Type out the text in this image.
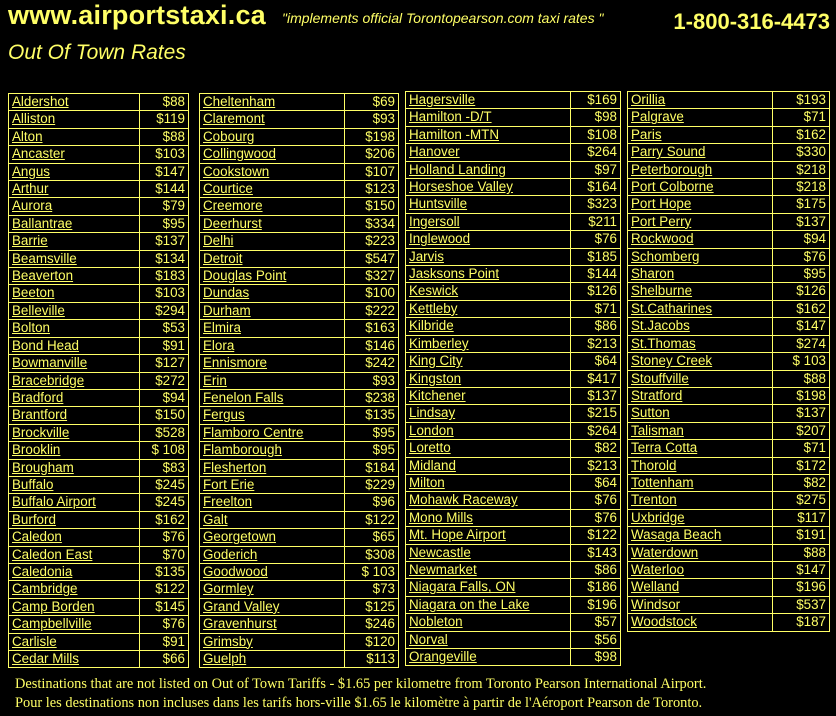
www.airportstaxi.ca "implements official Torontopearson.com taxi rates "	1-800-316-4473
Out Of Town Rates
Aldershot	$88
Alliston	$119
Alton	$88
Ancaster	$103
Angus	$147
Arthur	$144
Aurora	$79
Ballantrae	$95
Barrie	$137
Beamsville	$134
Beaverton	$183
Beeton	$103
Belleville	$294
Bolton	$53
Bond Head	$91
Bowmanville	$127
Bracebridge	$272
Bradford	$94
Brantford	$150
Brockville	$528
Brooklin	$ 108
Brougham	$83
Buffalo	$245
Buffalo Airport	$245
Burford	$162
Caledon	$76
Caledon East	$70
Caledonia	$135
Cambridge	$122
Camp Borden	$145
Campbellville	$76
Carlisle	$91
Cedar Mills	$66
Cheltenham	$69
Claremont	$93
Cobourg	$198
Collingwood	$206
Cookstown	$107
Courtice	$123
Creemore	$150
Deerhurst	$334
Delhi	$223
Detroit	$547
Douglas Point	$327
Dundas	$100
Durham	$222
Elmira	$163
Elora	$146
Ennismore	$242
Erin	$93
Fenelon Falls	$238
Fergus	$135
Flamboro Centre	$95
Flamborough	$95
Flesherton	$184
Fort Erie	$229
Freelton	$96
Galt	$122
Georgetown	$65
Goderich	$308
Goodwood	$ 103
Gormley	$73
Grand Valley	$125
Gravenhurst	$246
Grimsby	$120
Guelph	$113
Hagersville	$169
Hamilton -D/T	$98
Hamilton -MTN	$108
Hanover	$264
Holland Landing	$97
Horseshoe Valley	$164
Huntsville	$323
Ingersoll	$211
Inglewood	$76
Jarvis	$185
Jasksons Point	$144
Keswick	$126
Kettleby	$71
Kilbride	$86
Kimberley	$213
King City	$64
Kingston	$417
Kitchener	$137
Lindsay	$215
London	$264
Loretto	$82
Midland	$213
Milton	$64
Mohawk Raceway	$76
Mono Mills	$76
Mt. Hope Airport	$122
Newcastle	$143
Newmarket	$86
Niagara Falls, ON	$186
Niagara on the Lake	$196
Nobleton	$57
Norval	$56
Orangeville	$98
Orillia	$193
Palgrave	$71
Paris	$162
Parry Sound	$330
Peterborough	$218
Port Colborne	$218
Port Hope	$175
Port Perry	$137
Rockwood	$94
Schomberg	$76
Sharon	$95
Shelburne	$126
St.Catharines	$162
St.Jacobs	$147
St.Thomas	$274
Stoney Creek	$ 103
Stouffville	$88
Stratford	$198
Sutton	$137
Talisman	$207
Terra Cotta	$71
Thorold	$172
Tottenham	$82
Trenton	$275
Uxbridge	$117
Wasaga Beach	$191
Waterdown	$88
Waterloo	$147
Welland	$196
Windsor	$537
Woodstock	$187
Destinations that are not listed on Out of Town Tariffs - $1.65 per kilometre from Toronto Pearson International Airport.
Pour les destinations non incluses dans les tarifs hors-ville $1.65 le kilomètre à partir de l'Aéroport Pearson de Toronto.
